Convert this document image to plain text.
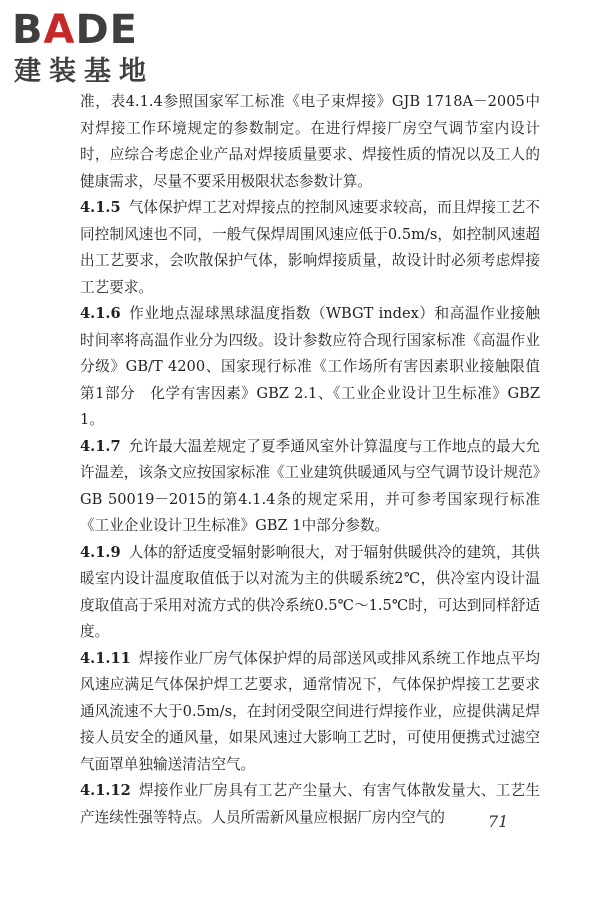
BADE
建装基地

准，表4.1.4参照国家军工标准《电子束焊接》GJB 1718A－2005中对焊接工作环境规定的参数制定。在进行焊接厂房空气调节室内设计时，应综合考虑企业产品对焊接质量要求、焊接性质的情况以及工人的健康需求，尽量不要采用极限状态参数计算。

4.1.5 气体保护焊工艺对焊接点的控制风速要求较高，而且焊接工艺不同控制风速也不同，一般气保焊周围风速应低于0.5m/s，如控制风速超出工艺要求，会吹散保护气体，影响焊接质量，故设计时必须考虑焊接工艺要求。

4.1.6 作业地点湿球黑球温度指数（WBGT index）和高温作业接触时间率将高温作业分为四级。设计参数应符合现行国家标准《高温作业分级》GB/T 4200、国家现行标准《工作场所有害因素职业接触限值　第1部分　化学有害因素》GBZ 2.1、《工业企业设计卫生标准》GBZ 1。

4.1.7 允许最大温差规定了夏季通风室外计算温度与工作地点的最大允许温差，该条文应按国家标准《工业建筑供暖通风与空气调节设计规范》GB 50019－2015的第4.1.4条的规定采用，并可参考国家现行标准《工业企业设计卫生标准》GBZ 1中部分参数。

4.1.9 人体的舒适度受辐射影响很大，对于辐射供暖供冷的建筑，其供暖室内设计温度取值低于以对流为主的供暖系统2℃，供冷室内设计温度取值高于采用对流方式的供冷系统0.5℃～1.5℃时，可达到同样舒适度。

4.1.11 焊接作业厂房气体保护焊的局部送风或排风系统工作地点平均风速应满足气体保护焊工艺要求，通常情况下，气体保护焊接工艺要求通风流速不大于0.5m/s，在封闭受限空间进行焊接作业，应提供满足焊接人员安全的通风量，如果风速过大影响工艺时，可使用便携式过滤空气面罩单独输送清洁空气。

4.1.12 焊接作业厂房具有工艺产尘量大、有害气体散发量大、工艺生产连续性强等特点。人员所需新风量应根据厂房内空气的	71
